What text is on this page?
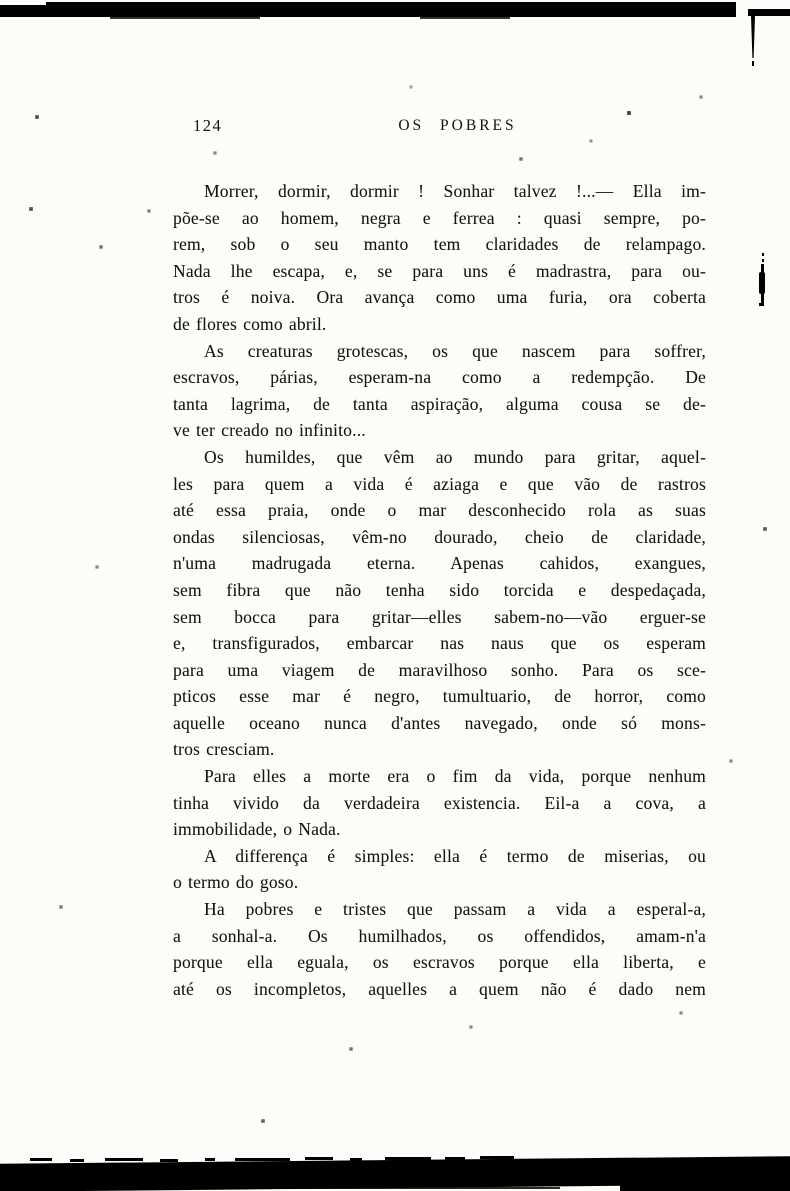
124	OS POBRES

Morrer, dormir, dormir ! Sonhar talvez !...— Ella im-
põe-se ao homem, negra e ferrea : quasi sempre, po-
rem, sob o seu manto tem claridades de relampago.
Nada lhe escapa, e, se para uns é madrastra, para ou-
tros é noiva. Ora avança como uma furia, ora coberta
de flores como abril.

As creaturas grotescas, os que nascem para soffrer,
escravos, párias, esperam-na como a redempção. De
tanta lagrima, de tanta aspiração, alguma cousa se de-
ve ter creado no infinito...

Os humildes, que vêm ao mundo para gritar, aquel-
les para quem a vida é aziaga e que vão de rastros
até essa praia, onde o mar desconhecido rola as suas
ondas silenciosas, vêm-no dourado, cheio de claridade,
n'uma madrugada eterna. Apenas cahidos, exangues,
sem fibra que não tenha sido torcida e despedaçada,
sem bocca para gritar—elles sabem-no—vão erguer-se
e, transfigurados, embarcar nas naus que os esperam
para uma viagem de maravilhoso sonho. Para os sce-
pticos esse mar é negro, tumultuario, de horror, como
aquelle oceano nunca d'antes navegado, onde só mons-
tros cresciam.

Para elles a morte era o fim da vida, porque nenhum
tinha vivido da verdadeira existencia. Eil-a a cova, a
immobilidade, o Nada.

A differença é simples: ella é termo de miserias, ou
o termo do goso.

Ha pobres e tristes que passam a vida a esperal-a,
a sonhal-a. Os humilhados, os offendidos, amam-n'a
porque ella eguala, os escravos porque ella liberta, e
até os incompletos, aquelles a quem não é dado nem
